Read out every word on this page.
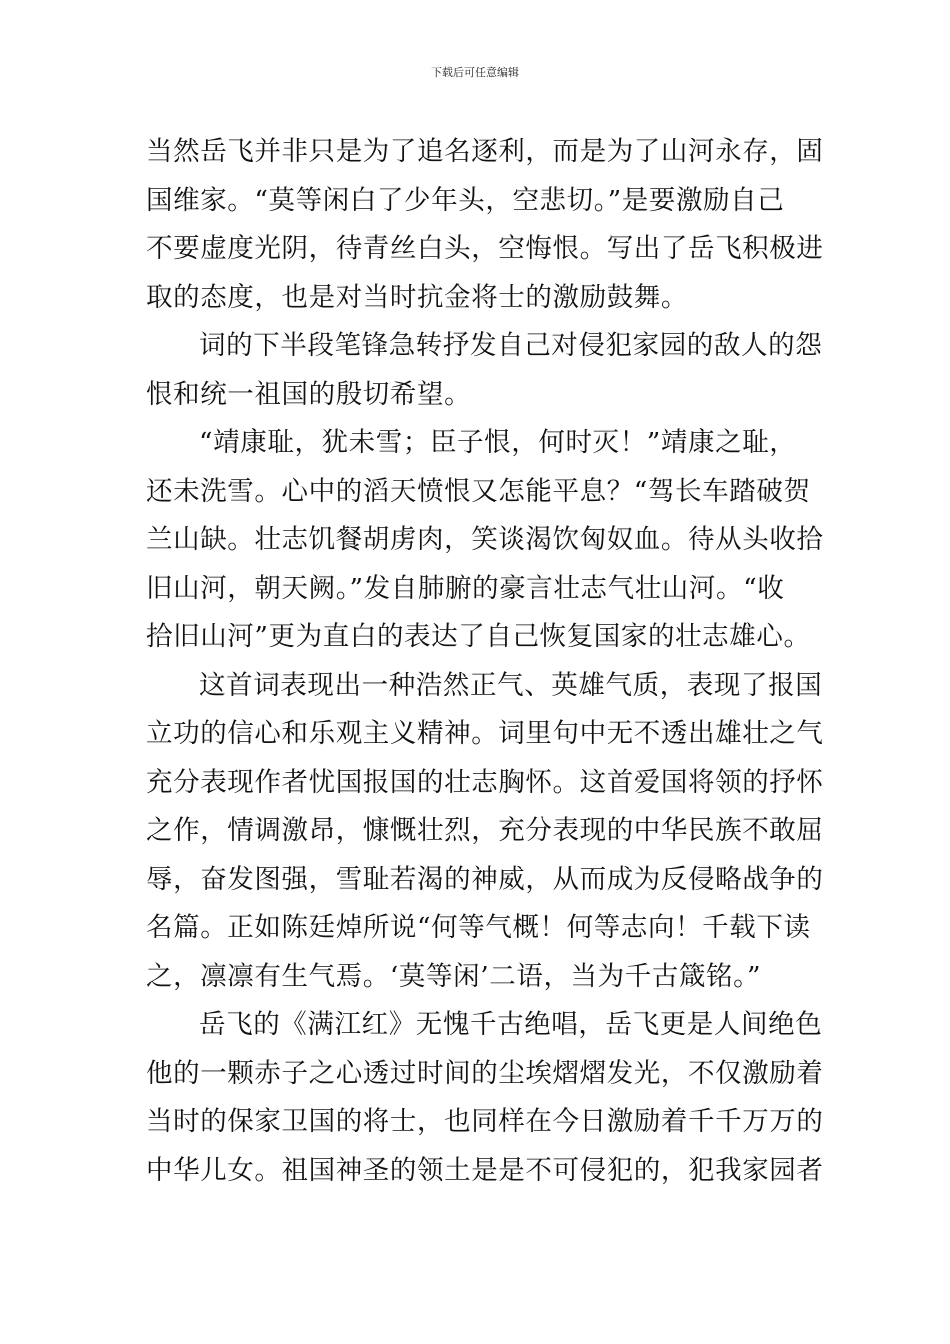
下载后可任意编辑

当然岳飞并非只是为了追名逐利，而是为了山河永存，固
国维家。“莫等闲白了少年头，空悲切。”是要激励自己
不要虚度光阴，待青丝白头，空悔恨。写出了岳飞积极进
取的态度，也是对当时抗金将士的激励鼓舞。

词的下半段笔锋急转抒发自己对侵犯家园的敌人的怨
恨和统一祖国的殷切希望。

“靖康耻，犹未雪；臣子恨，何时灭！”靖康之耻，
还未洗雪。心中的滔天愤恨又怎能平息？“驾长车踏破贺
兰山缺。壮志饥餐胡虏肉，笑谈渴饮匈奴血。待从头收拾
旧山河，朝天阙。”发自肺腑的豪言壮志气壮山河。“收
拾旧山河”更为直白的表达了自己恢复国家的壮志雄心。

这首词表现出一种浩然正气、英雄气质，表现了报国
立功的信心和乐观主义精神。词里句中无不透出雄壮之气
充分表现作者忧国报国的壮志胸怀。这首爱国将领的抒怀
之作，情调激昂，慷慨壮烈，充分表现的中华民族不敢屈
辱，奋发图强，雪耻若渴的神威，从而成为反侵略战争的
名篇。正如陈廷焯所说“何等气概！何等志向！千载下读
之，凛凛有生气焉。‘莫等闲’二语，当为千古箴铭。”

岳飞的《满江红》无愧千古绝唱，岳飞更是人间绝色
他的一颗赤子之心透过时间的尘埃熠熠发光，不仅激励着
当时的保家卫国的将士，也同样在今日激励着千千万万的
中华儿女。祖国神圣的领土是是不可侵犯的，犯我家园者
